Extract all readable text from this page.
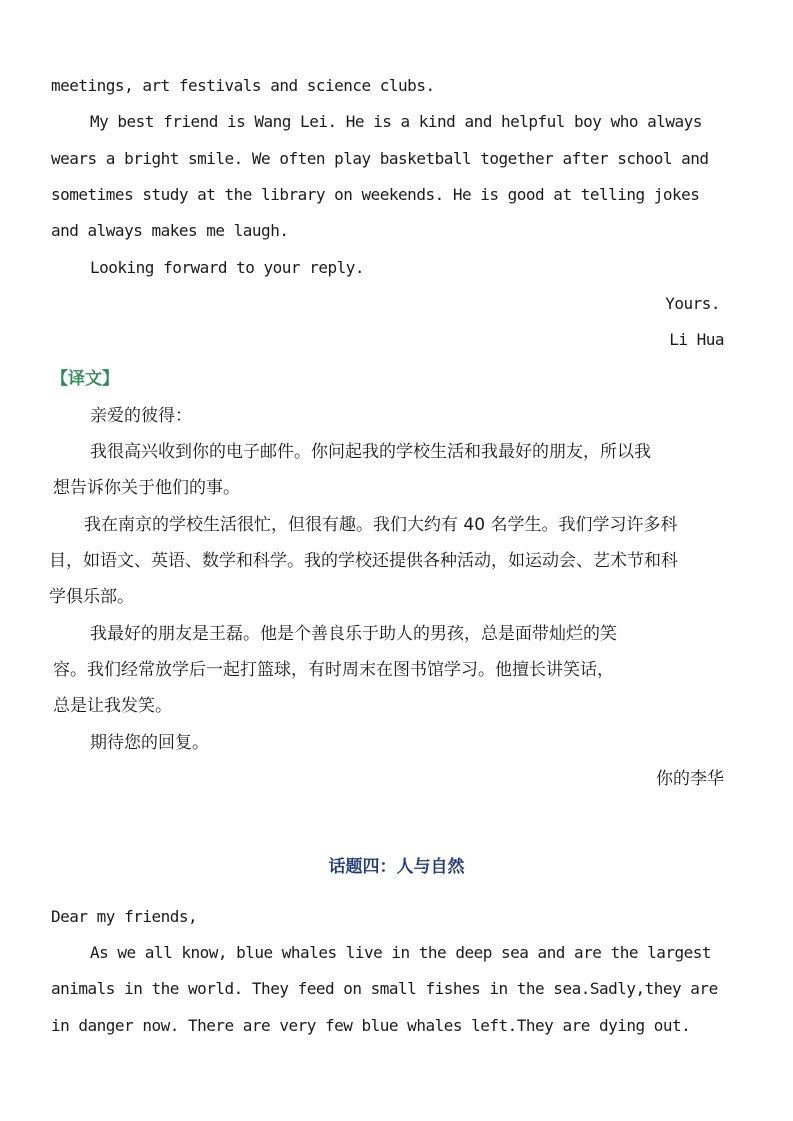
meetings, art festivals and science clubs.
My best friend is Wang Lei. He is a kind and helpful boy who always
wears a bright smile. We often play basketball together after school and
sometimes study at the library on weekends. He is good at telling jokes
and always makes me laugh.
Looking forward to your reply.
Yours.
Li Hua
【译文】
亲爱的彼得：
我很高兴收到你的电子邮件。你问起我的学校生活和我最好的朋友，所以我
想告诉你关于他们的事。
我在南京的学校生活很忙，但很有趣。我们大约有 40 名学生。我们学习许多科
目，如语文、英语、数学和科学。我的学校还提供各种活动，如运动会、艺术节和科
学俱乐部。
我最好的朋友是王磊。他是个善良乐于助人的男孩，总是面带灿烂的笑
容。我们经常放学后一起打篮球，有时周末在图书馆学习。他擅长讲笑话，
总是让我发笑。
期待您的回复。
你的李华
话题四：人与自然
Dear my friends,
As we all know, blue whales live in the deep sea and are the largest
animals in the world. They feed on small fishes in the sea.Sadly,they are
in danger now. There are very few blue whales left.They are dying out.
